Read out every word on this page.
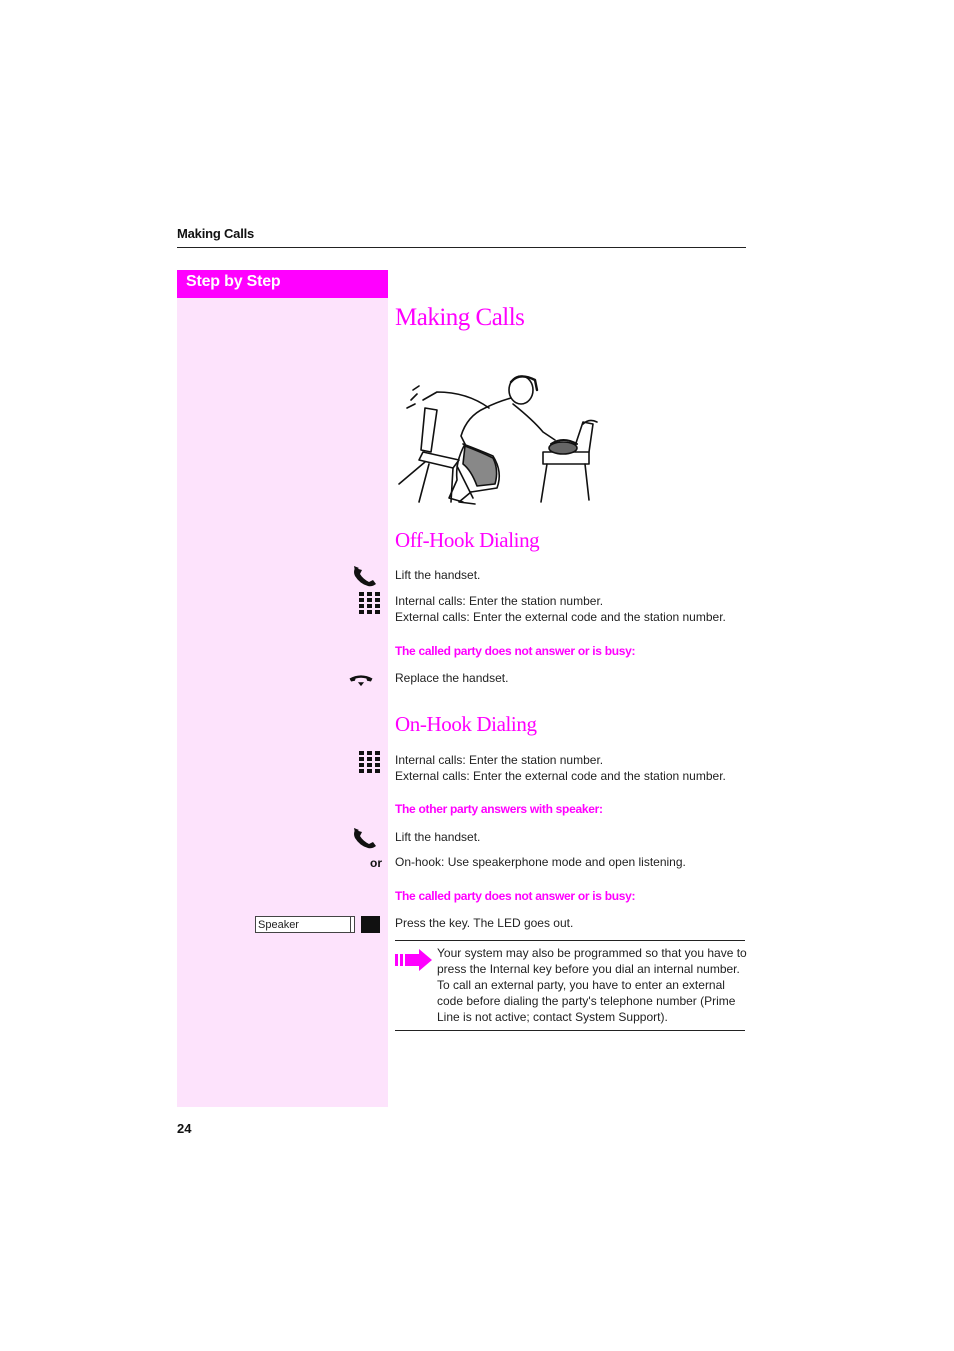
Making Calls
Step by Step
Making Calls
Off-Hook Dialing
Lift the handset.
Internal calls: Enter the station number.
External calls: Enter the external code and the station number.
The called party does not answer or is busy:
Replace the handset.
On-Hook Dialing
Internal calls: Enter the station number.
External calls: Enter the external code and the station number.
The other party answers with speaker:
Lift the handset.
or On-hook: Use speakerphone mode and open listening.
The called party does not answer or is busy:
Speaker	Press the key. The LED goes out.
Your system may also be programmed so that you have to press the Internal key before you dial an internal number. To call an external party, you have to enter an external code before dialing the party's telephone number (Prime Line is not active; contact System Support).
24
